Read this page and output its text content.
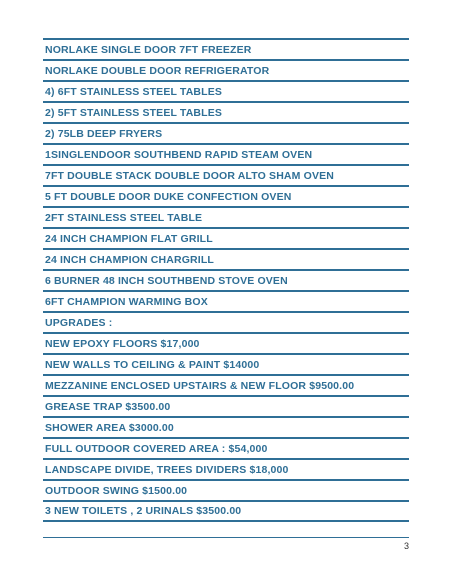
NORLAKE SINGLE DOOR 7FT FREEZER
NORLAKE DOUBLE DOOR REFRIGERATOR
4) 6FT STAINLESS STEEL TABLES
2) 5FT STAINLESS STEEL TABLES
2) 75LB DEEP FRYERS
1SINGLENDOOR SOUTHBEND RAPID STEAM OVEN
7FT DOUBLE STACK DOUBLE DOOR ALTO SHAM OVEN
5 FT DOUBLE DOOR DUKE CONFECTION OVEN
2FT STAINLESS STEEL TABLE
24 INCH CHAMPION FLAT GRILL
24 INCH CHAMPION CHARGRILL
6 BURNER 48 INCH SOUTHBEND STOVE OVEN
6FT CHAMPION WARMING BOX
UPGRADES :
NEW EPOXY FLOORS $17,000
NEW WALLS TO CEILING & PAINT $14000
MEZZANINE ENCLOSED UPSTAIRS & NEW FLOOR $9500.00
GREASE TRAP $3500.00
SHOWER AREA $3000.00
FULL OUTDOOR COVERED AREA : $54,000
LANDSCAPE DIVIDE, TREES DIVIDERS $18,000
OUTDOOR SWING $1500.00
3 NEW TOILETS , 2 URINALS $3500.00
3
